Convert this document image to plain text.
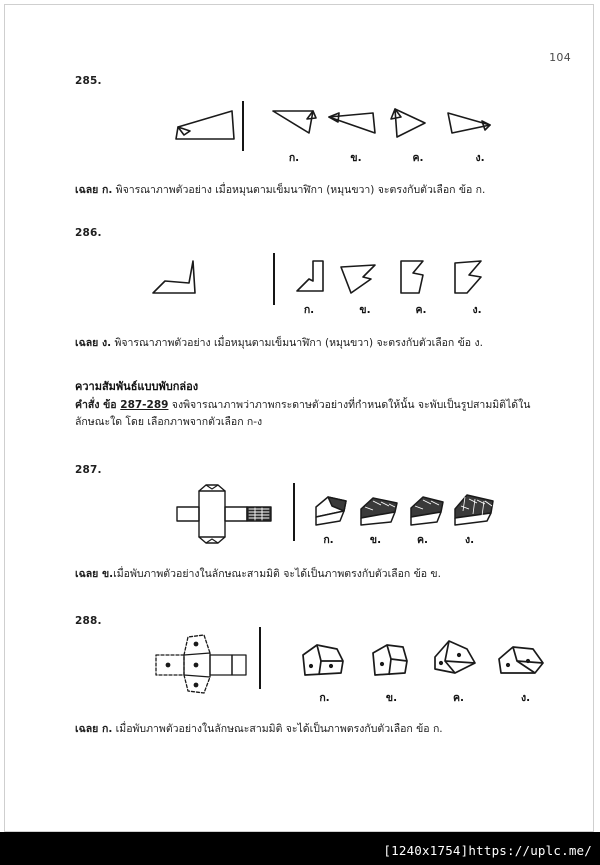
104
285.
ก.	ข.	ค.	ง.
เฉลย ก. พิจารณาภาพตัวอย่าง เมื่อหมุนตามเข็มนาฬิกา (หมุนขวา) จะตรงกับตัวเลือก ข้อ ก.
286.
ก.	ข.	ค.	ง.
เฉลย ง. พิจารณาภาพตัวอย่าง เมื่อหมุนตามเข็มนาฬิกา (หมุนขวา) จะตรงกับตัวเลือก ข้อ ง.
ความสัมพันธ์แบบพับกล่อง
คำสั่ง ข้อ 287-289 จงพิจารณาภาพว่าภาพกระดาษตัวอย่างที่กำหนดให้นั้น จะพับเป็นรูปสามมิติได้ในลักษณะใด โดย เลือกภาพจากตัวเลือก ก-ง
287.
ก.	ข.	ค.	ง.
เฉลย ข.เมื่อพับภาพตัวอย่างในลักษณะสามมิติ จะได้เป็นภาพตรงกับตัวเลือก ข้อ ข.
288.
ก.	ข.	ค.	ง.
เฉลย ก. เมื่อพับภาพตัวอย่างในลักษณะสามมิติ จะได้เป็นภาพตรงกับตัวเลือก ข้อ ก.
[1240x1754]https://uplc.me/
